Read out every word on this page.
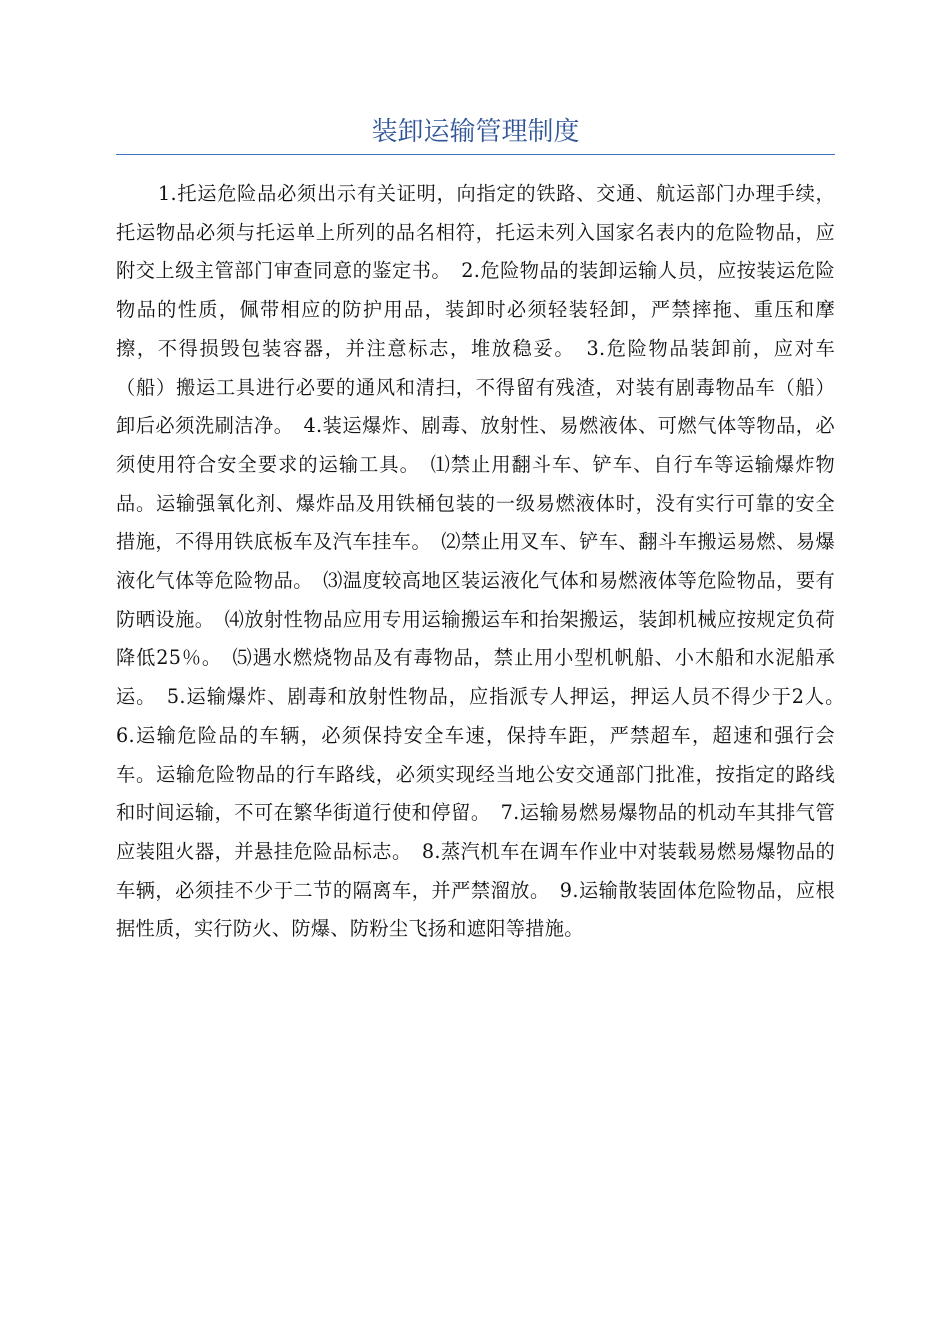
装卸运输管理制度

1.托运危险品必须出示有关证明，向指定的铁路、交通、航运部门办理手续，托运物品必须与托运单上所列的品名相符，托运未列入国家名表内的危险物品，应附交上级主管部门审查同意的鉴定书。　2.危险物品的装卸运输人员，应按装运危险物品的性质，佩带相应的防护用品，装卸时必须轻装轻卸，严禁摔拖、重压和摩擦，不得损毁包装容器，并注意标志，堆放稳妥。　3.危险物品装卸前，应对车（船）搬运工具进行必要的通风和清扫，不得留有残渣，对装有剧毒物品车（船）卸后必须洗刷洁净。　4.装运爆炸、剧毒、放射性、易燃液体、可燃气体等物品，必须使用符合安全要求的运输工具。　⑴禁止用翻斗车、铲车、自行车等运输爆炸物品。运输强氧化剂、爆炸品及用铁桶包装的一级易燃液体时，没有实行可靠的安全措施，不得用铁底板车及汽车挂车。　⑵禁止用叉车、铲车、翻斗车搬运易燃、易爆液化气体等危险物品。　⑶温度较高地区装运液化气体和易燃液体等危险物品，要有防晒设施。　⑷放射性物品应用专用运输搬运车和抬架搬运，装卸机械应按规定负荷降低25％。　⑸遇水燃烧物品及有毒物品，禁止用小型机帆船、小木船和水泥船承运。　5.运输爆炸、剧毒和放射性物品，应指派专人押运，押运人员不得少于2人。　6.运输危险品的车辆，必须保持安全车速，保持车距，严禁超车，超速和强行会车。运输危险物品的行车路线，必须实现经当地公安交通部门批准，按指定的路线和时间运输，不可在繁华街道行使和停留。　7.运输易燃易爆物品的机动车其排气管应装阻火器，并悬挂危险品标志。　8.蒸汽机车在调车作业中对装载易燃易爆物品的车辆，必须挂不少于二节的隔离车，并严禁溜放。　9.运输散装固体危险物品，应根据性质，实行防火、防爆、防粉尘飞扬和遮阳等措施。
